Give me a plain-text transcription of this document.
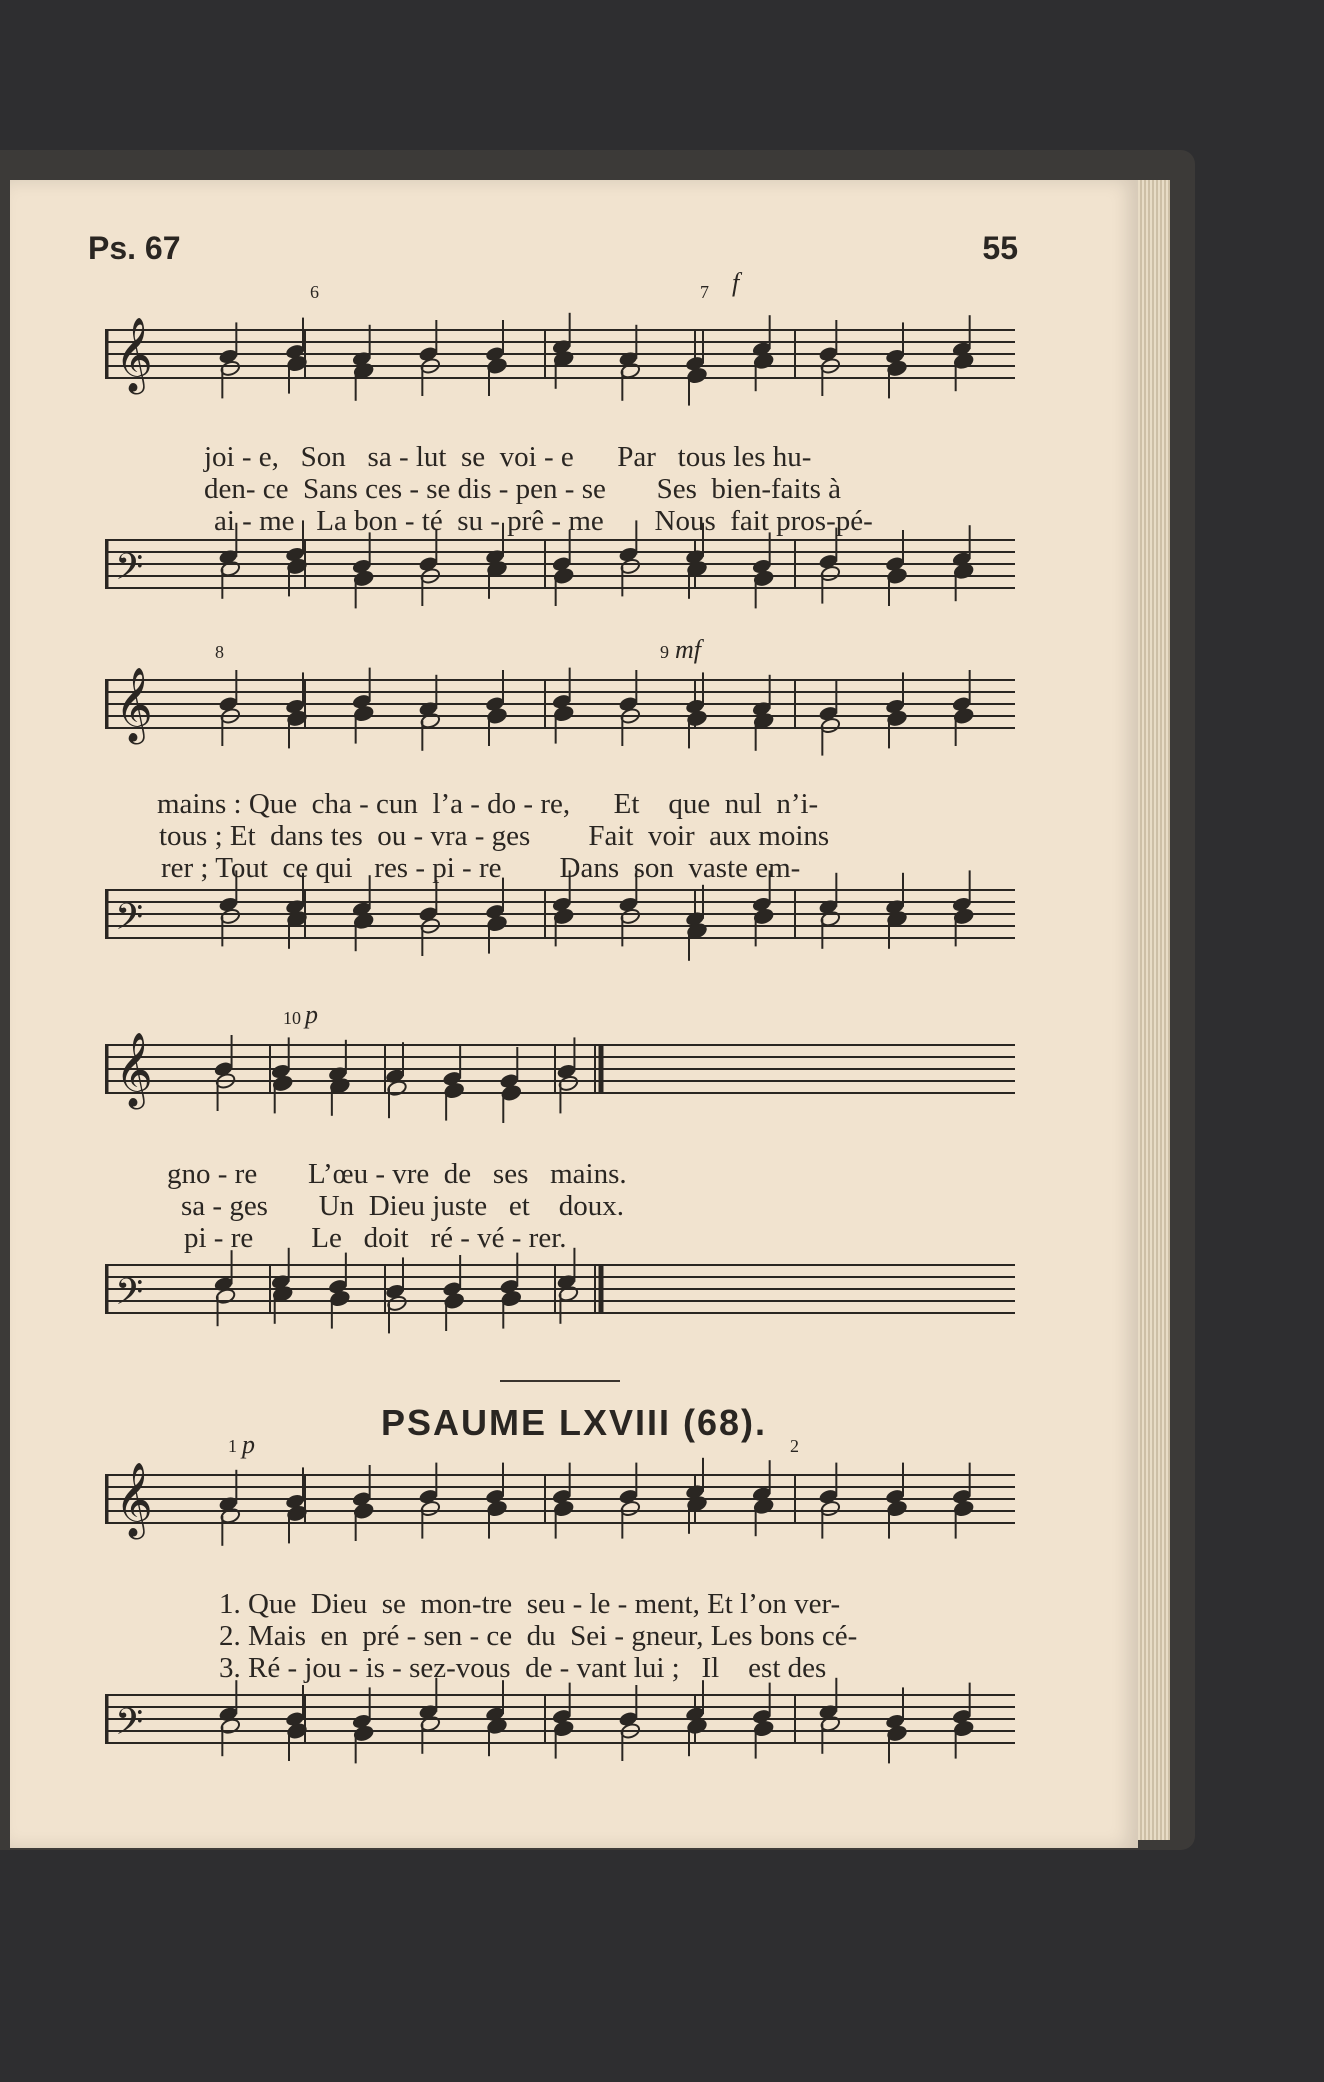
Ps. 67	55
𝄞
f
6	7

joi - e, Son sa - lut se voi - e Par tous les hu-

den- ce Sans ces - se dis - pen - se Ses bien-faits à

ai - me La bon - té su - prê - me Nous fait pros-pé-

𝄢
𝄞
mf
8	9

mains : Que cha - cun l’a - do - re, Et que nul n’i-

tous ; Et dans tes ou - vra - ges Fait voir aux moins

rer ; Tout ce qui res - pi - re Dans son vaste em-

𝄢
𝄞
p
10

gno - re L’œu - vre de ses mains.

sa - ges Un Dieu juste et doux.

pi - re Le doit ré - vé - rer.

𝄢
PSAUME LXVIII (68).
𝄞
p
1	2

1. Que Dieu se mon-tre seu - le - ment, Et l’on ver-

2. Mais en pré - sen - ce du Sei - gneur, Les bons cé-

3. Ré - jou - is - sez-vous de - vant lui ; Il est des

𝄢
